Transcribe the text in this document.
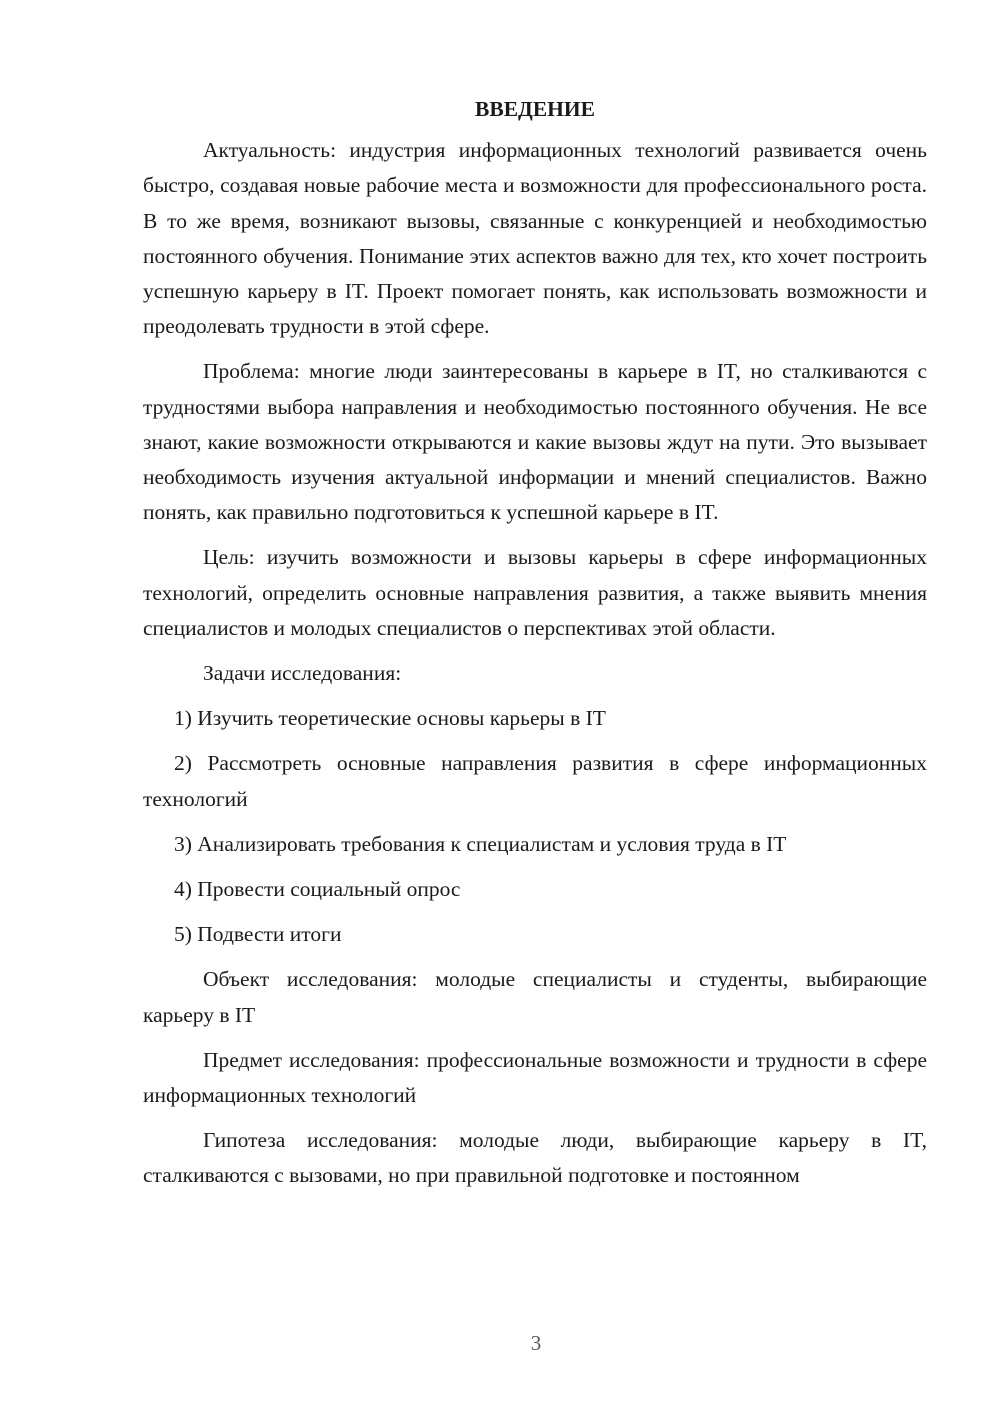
ВВЕДЕНИЕ

Актуальность: индустрия информационных технологий развивается очень быстро, создавая новые рабочие места и возможности для профессионального роста. В то же время, возникают вызовы, связанные с конкуренцией и необходимостью постоянного обучения. Понимание этих аспектов важно для тех, кто хочет построить успешную карьеру в IT. Проект помогает понять, как использовать возможности и преодолевать трудности в этой сфере.

Проблема: многие люди заинтересованы в карьере в IT, но сталкиваются с трудностями выбора направления и необходимостью постоянного обучения. Не все знают, какие возможности открываются и какие вызовы ждут на пути. Это вызывает необходимость изучения актуальной информации и мнений специалистов. Важно понять, как правильно подготовиться к успешной карьере в IT.

Цель: изучить возможности и вызовы карьеры в сфере информационных технологий, определить основные направления развития, а также выявить мнения специалистов и молодых специалистов о перспективах этой области.

Задачи исследования:

1) Изучить теоретические основы карьеры в IT

2) Рассмотреть основные направления развития в сфере информационных технологий

3) Анализировать требования к специалистам и условия труда в IT

4) Провести социальный опрос

5) Подвести итоги

Объект исследования: молодые специалисты и студенты, выбирающие карьеру в IT

Предмет исследования: профессиональные возможности и трудности в сфере информационных технологий

Гипотеза исследования: молодые люди, выбирающие карьеру в IT, сталкиваются с вызовами, но при правильной подготовке и постоянном

3
